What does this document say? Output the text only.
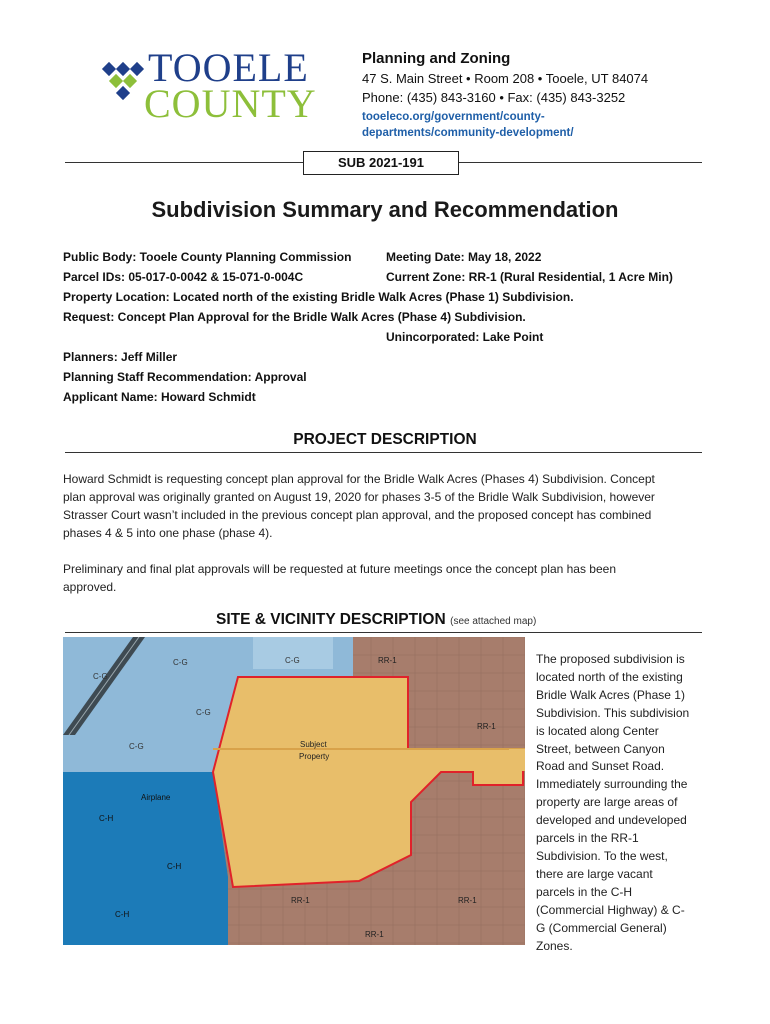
TOOELE
COUNTY
Planning and Zoning
47 S. Main Street • Room 208 • Tooele, UT 84074
Phone: (435) 843-3160 • Fax: (435) 843-3252
tooeleco.org/government/county-
departments/community-development/
SUB 2021-191
Subdivision Summary and Recommendation
Public Body: Tooele County Planning Commission	Meeting Date: May 18, 2022
Parcel IDs: 05-017-0-0042 & 15-071-0-004C	Current Zone: RR-1 (Rural Residential, 1 Acre Min)
Property Location: Located north of the existing Bridle Walk Acres (Phase 1) Subdivision.
Request: Concept Plan Approval for the Bridle Walk Acres (Phase 4) Subdivision.
Unincorporated: Lake Point
Planners: Jeff Miller
Planning Staff Recommendation: Approval
Applicant Name: Howard Schmidt
PROJECT DESCRIPTION
Howard Schmidt is requesting concept plan approval for the Bridle Walk Acres (Phases 4) Subdivision. Concept
plan approval was originally granted on August 19, 2020 for phases 3-5 of the Bridle Walk Subdivision, however
Strasser Court wasn’t included in the previous concept plan approval, and the proposed concept has combined
phases 4 & 5 into one phase (phase 4).
Preliminary and final plat approvals will be requested at future meetings once the concept plan has been
approved.
SITE & VICINITY DESCRIPTION (see attached map)
C-G	C-G
C-G
C-G
C-G
RR-1
RR-1
RR-1	RR-1
RR-1
C-H
C-H
C-H
Airplane
Subject
Property
The proposed subdivision is
located north of the existing
Bridle Walk Acres (Phase 1)
Subdivision. This subdivision
is located along Center
Street, between Canyon
Road and Sunset Road.
Immediately surrounding the
property are large areas of
developed and undeveloped
parcels in the RR-1
Subdivision. To the west,
there are large vacant
parcels in the C-H
(Commercial Highway) & C-
G (Commercial General)
Zones.
